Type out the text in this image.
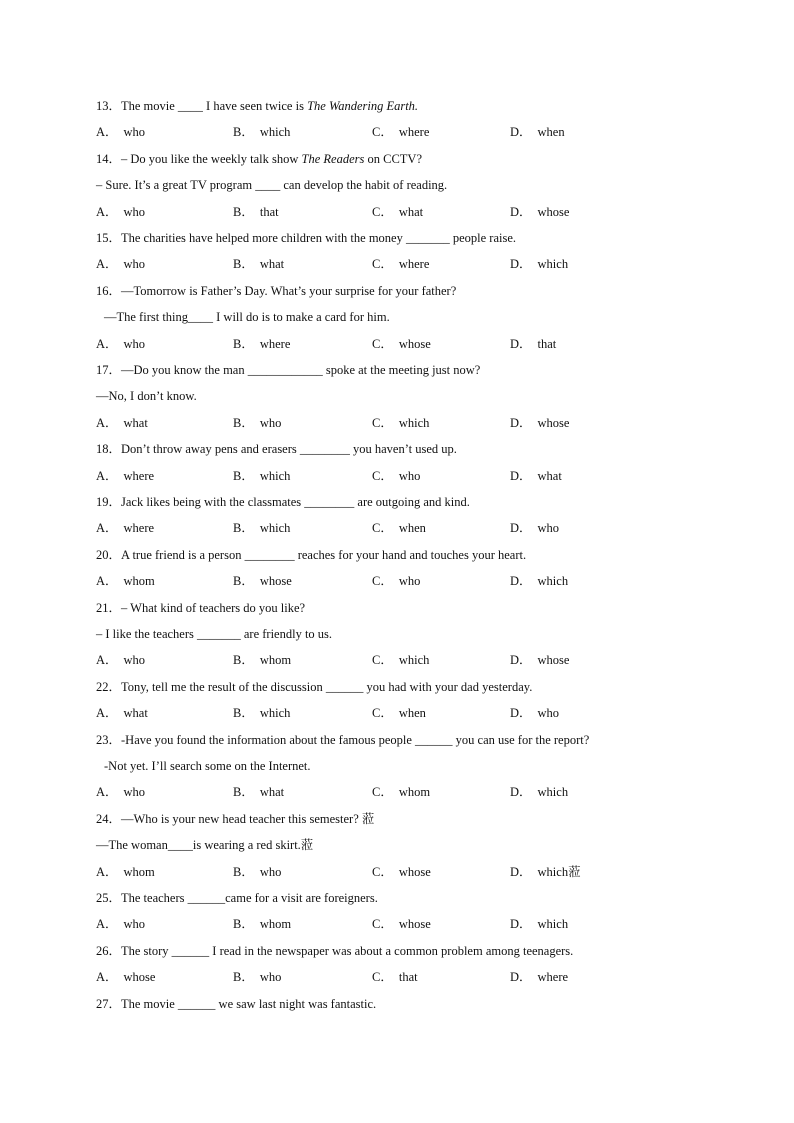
13．The movie ____ I have seen twice is The Wandering Earth.
A． who	B． which	C． where	D． when
14．– Do you like the weekly talk show The Readers on CCTV?
– Sure. It’s a great TV program ____ can develop the habit of reading.
A． who	B． that	C． what	D． whose
15．The charities have helped more children with the money _______ people raise.
A． who	B． what	C． where	D． which
16．—Tomorrow is Father’s Day. What’s your surprise for your father?
—The first thing____ I will do is to make a card for him.
A． who	B． where	C． whose	D． that
17．—Do you know the man ____________ spoke at the meeting just now?
—No, I don’t know.
A． what	B． who	C． which	D． whose
18．Don’t throw away pens and erasers ________ you haven’t used up.
A． where	B． which	C． who	D． what
19．Jack likes being with the classmates ________ are outgoing and kind.
A． where	B． which	C． when	D． who
20．A true friend is a person ________ reaches for your hand and touches your heart.
A． whom	B． whose	C． who	D． which
21．– What kind of teachers do you like?
– I like the teachers _______ are friendly to us.
A． who	B． whom	C． which	D． whose
22．Tony, tell me the result of the discussion ______ you had with your dad yesterday.
A． what	B． which	C． when	D． who
23．-Have you found the information about the famous people ______ you can use for the report?
-Not yet. I’ll search some on the Internet.
A． who	B． what	C． whom	D． which
24．—Who is your new head teacher this semester? 蒞
—The woman____is wearing a red skirt.蒞
A． whom	B． who	C． whose	D． which蒞
25．The teachers ______came for a visit are foreigners.
A． who	B． whom	C． whose	D． which
26．The story ______ I read in the newspaper was about a common problem among teenagers.
A． whose	B． who	C． that	D． where
27．The movie ______ we saw last night was fantastic.
